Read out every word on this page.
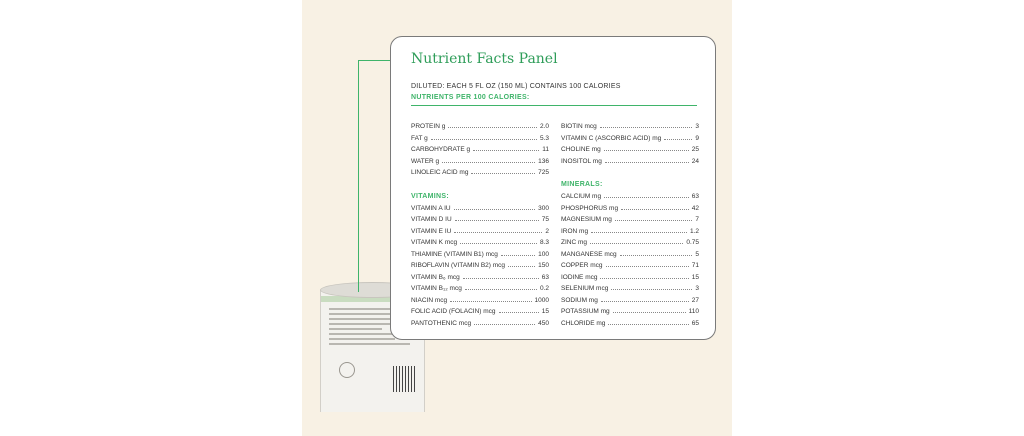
Nutrient Facts Panel
DILUTED: EACH 5 FL OZ (150 ML) CONTAINS 100 CALORIES
NUTRIENTS PER 100 CALORIES:
PROTEIN g	2.0
FAT g	5.3
CARBOHYDRATE g	11
WATER g	136
LINOLEIC ACID mg	725
VITAMINS:
VITAMIN A IU	300
VITAMIN D IU	75
VITAMIN E IU	2
VITAMIN K mcg	8.3
THIAMINE (VITAMIN B1) mcg	100
RIBOFLAVIN (VITAMIN B2) mcg	150
VITAMIN B₆ mcg	63
VITAMIN B₁₂ mcg	0.2
NIACIN mcg	1000
FOLIC ACID (FOLACIN) mcg	15
PANTOTHENIC mcg	450
BIOTIN mcg	3
VITAMIN C (ASCORBIC ACID) mg	9
CHOLINE mg	25
INOSITOL mg	24
MINERALS:
CALCIUM mg	63
PHOSPHORUS mg	42
MAGNESIUM mg	7
IRON mg	1.2
ZINC mg	0.75
MANGANESE mcg	5
COPPER mcg	71
IODINE mcg	15
SELENIUM mcg	3
SODIUM mg	27
POTASSIUM mg	110
CHLORIDE mg	65
